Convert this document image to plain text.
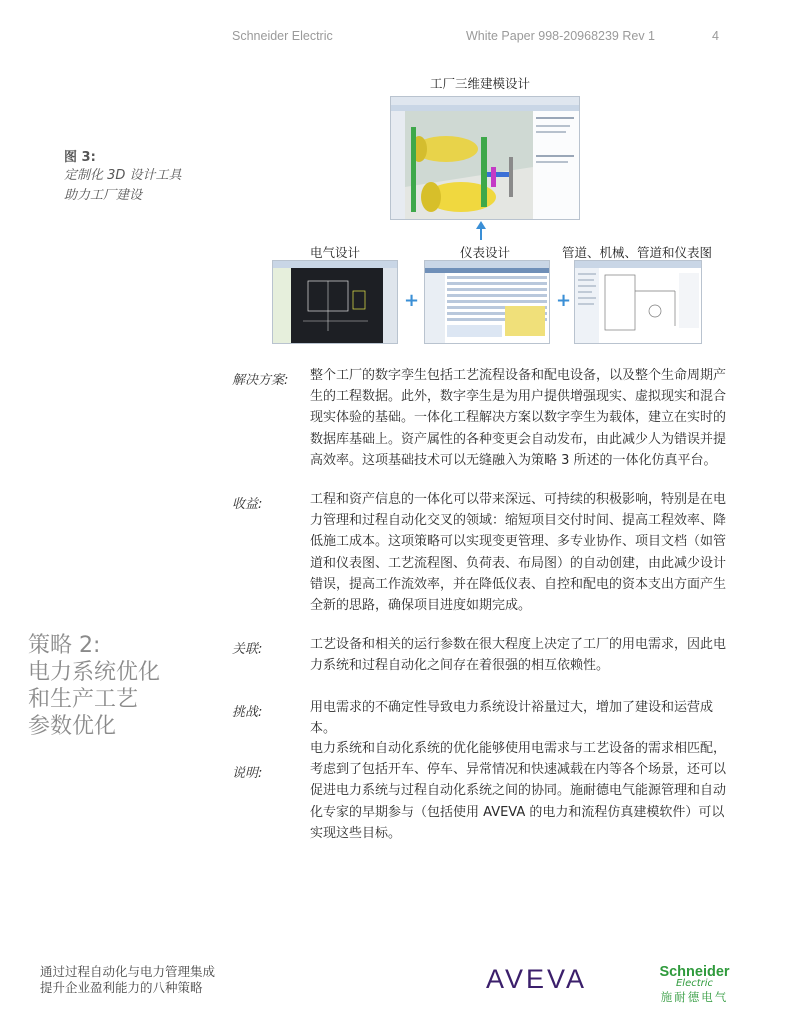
Schneider Electric	White Paper 998-20968239 Rev 1	4
图 3:
定制化 3D 设计工具
助力工厂建设
工厂三维建模设计
电气设计	仪表设计	管道、机械、管道和仪表图
+	+
解决方案: 整个工厂的数字孪生包括工艺流程设备和配电设备，以及整个生命周期产生的工程数据。此外，数字孪生是为用户提供增强现实、虚拟现实和混合现实体验的基础。一体化工程解决方案以数字孪生为载体，建立在实时的数据库基础上。资产属性的各种变更会自动发布，由此减少人为错误并提高效率。这项基础技术可以无缝融入为策略 3 所述的一体化仿真平台。
收益:	工程和资产信息的一体化可以带来深远、可持续的积极影响，特别是在电力管理和过程自动化交叉的领域：缩短项目交付时间、提高工程效率、降低施工成本。这项策略可以实现变更管理、多专业协作、项目文档（如管道和仪表图、工艺流程图、负荷表、布局图）的自动创建，由此减少设计错误，提高工作流效率，并在降低仪表、自控和配电的资本支出方面产生全新的思路，确保项目进度如期完成。
关联:	工艺设备和相关的运行参数在很大程度上决定了工厂的用电需求，因此电力系统和过程自动化之间存在着很强的相互依赖性。
挑战:	用电需求的不确定性导致电力系统设计裕量过大，增加了建设和运营成本。
说明:
电力系统和自动化系统的优化能够使用电需求与工艺设备的需求相匹配，考虑到了包括开车、停车、异常情况和快速减载在内等各个场景，还可以促进电力系统与过程自动化系统之间的协同。施耐德电气能源管理和自动化专家的早期参与（包括使用 AVEVA 的电力和流程仿真建模软件）可以实现这些目标。
策略 2:
电力系统优化
和生产工艺
参数优化
通过过程自动化与电力管理集成
提升企业盈利能力的八种策略	AVEVA	Schneider
Electric
施耐德电气
